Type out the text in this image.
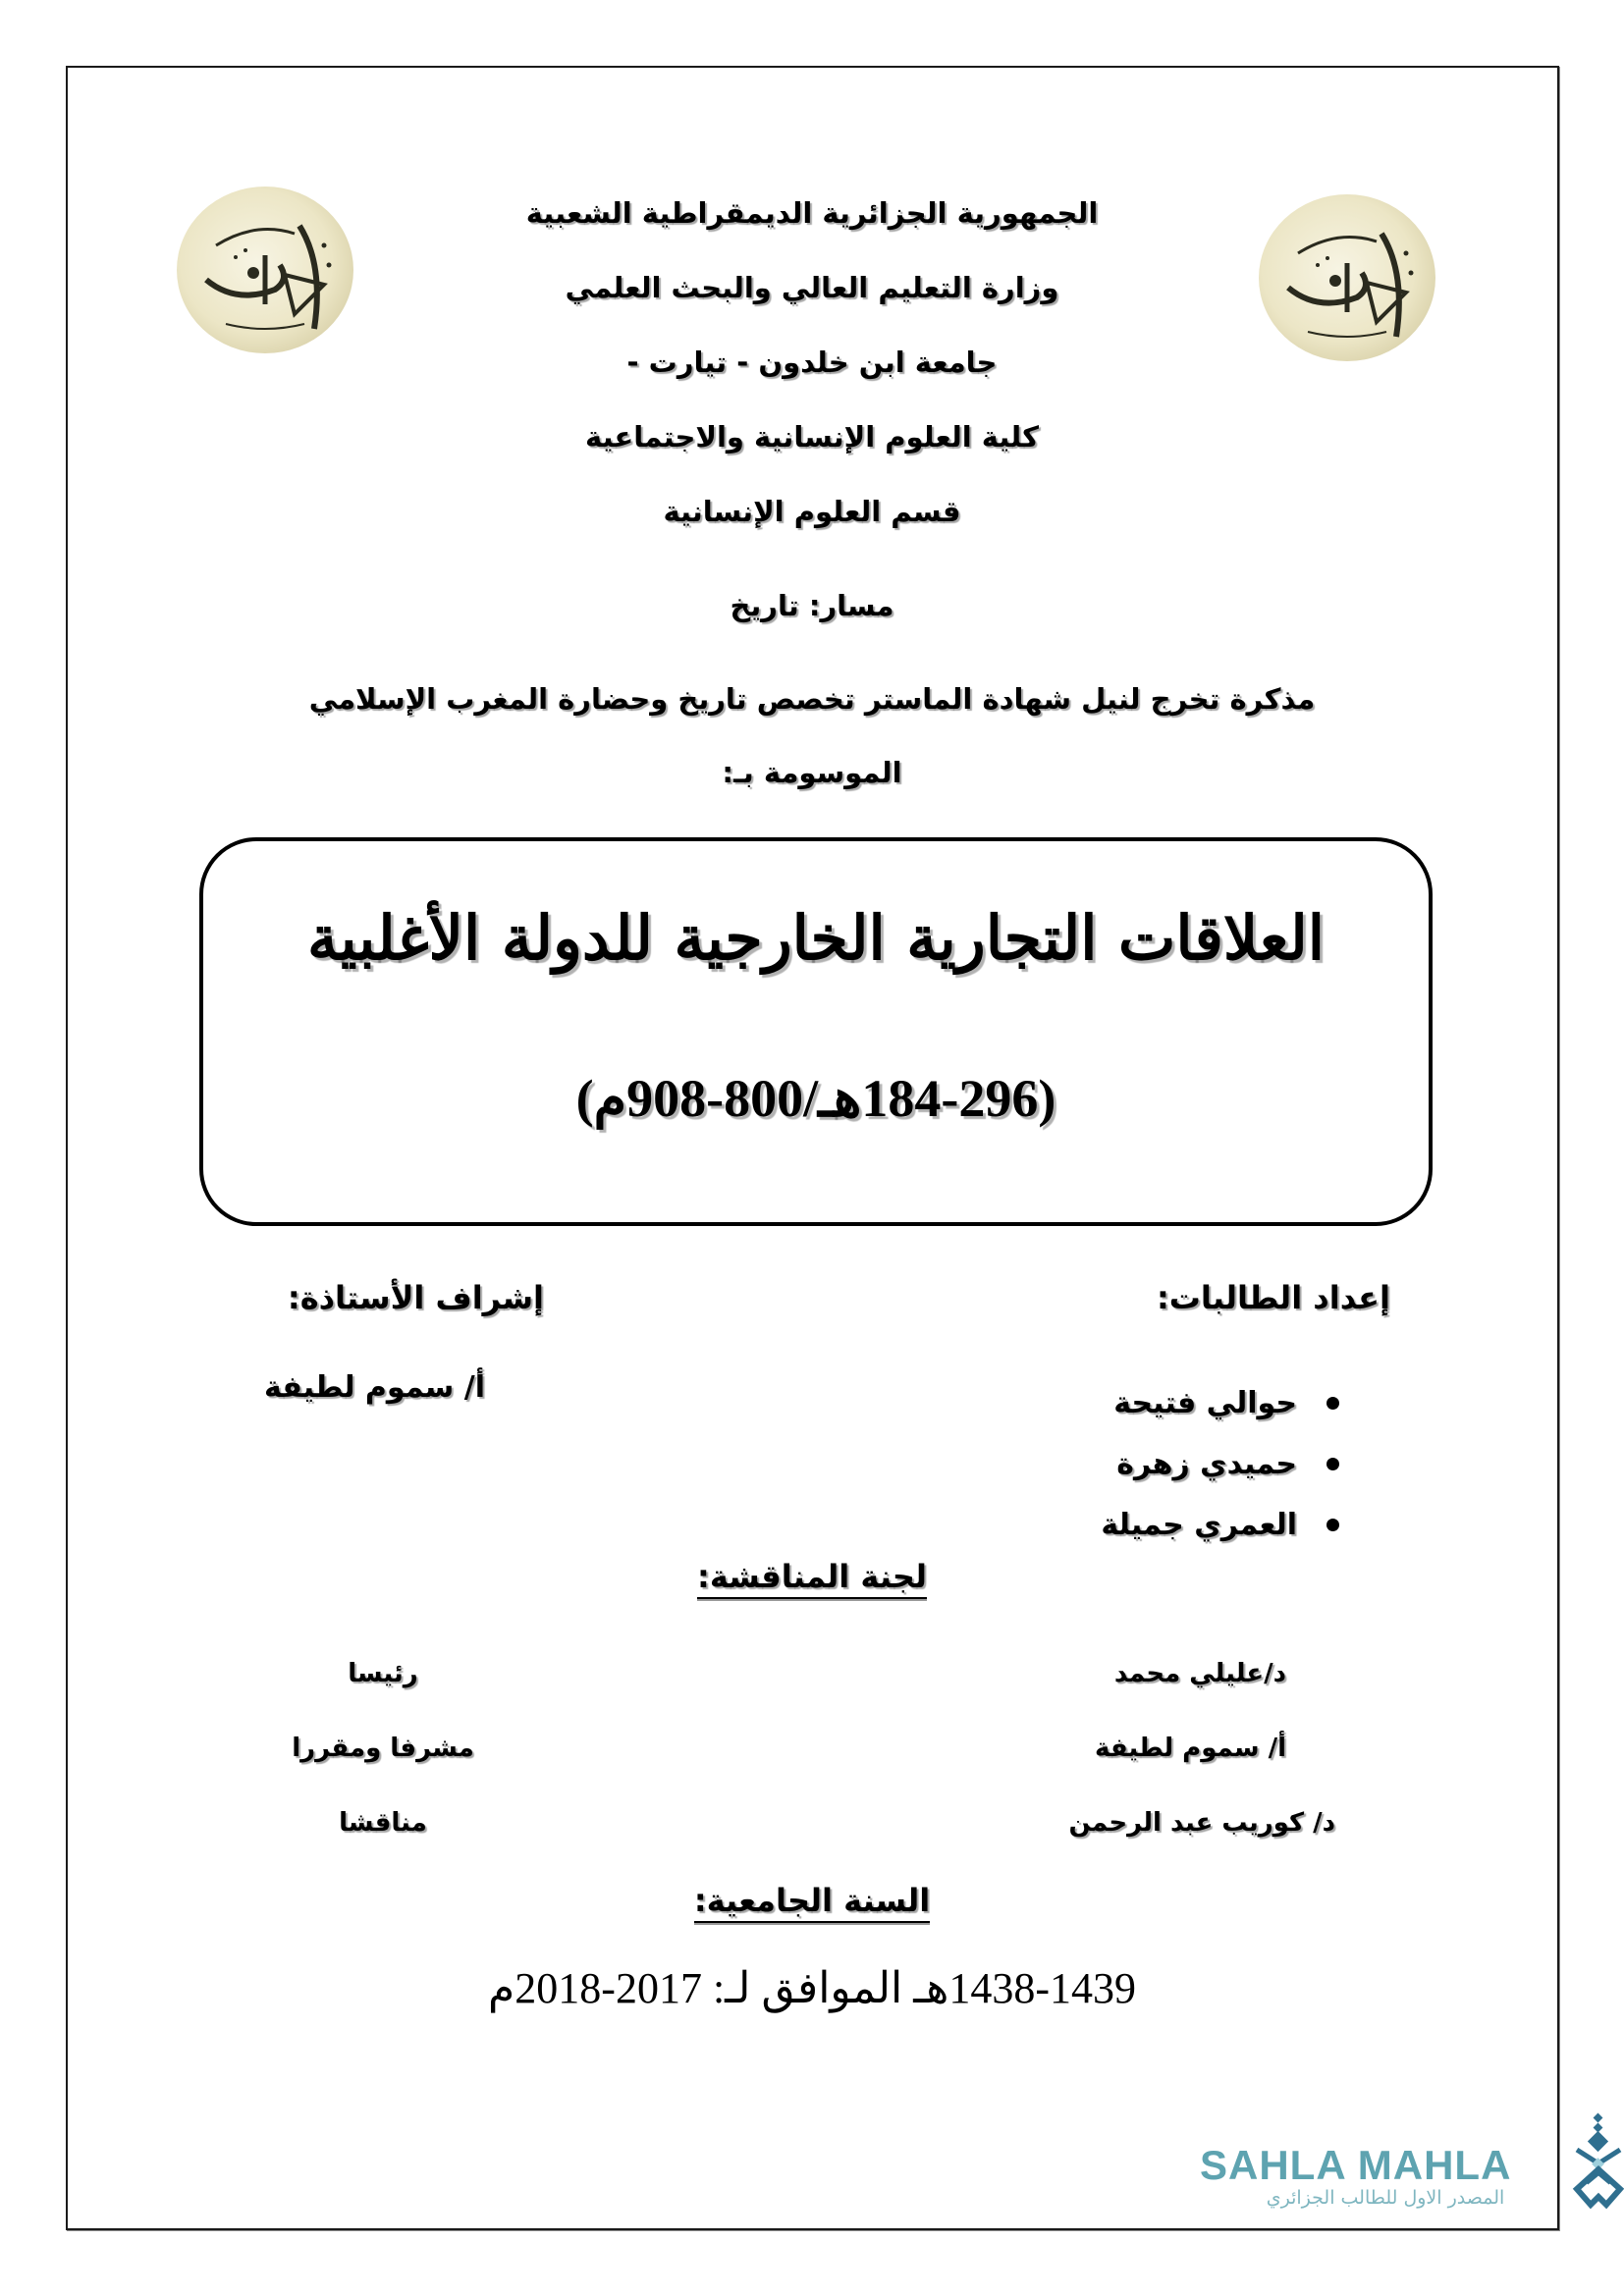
الجمهورية الجزائرية الديمقراطية الشعبية
وزارة التعليم العالي والبحث العلمي
جامعة ابن خلدون - تيارت -
كلية العلوم الإنسانية والاجتماعية
قسم العلوم الإنسانية
مسار: تاريخ
مذكرة تخرج لنيل شهادة الماستر تخصص تاريخ وحضارة المغرب الإسلامي
الموسومة بـ:
العلاقات التجارية الخارجية للدولة الأغلبية
(184-296هـ/800-908م)
إعداد الطالبات:
إشراف الأستاذة:
حوالي فتيحة
حميدي زهرة
العمري جميلة
أ/ سموم لطيفة
لجنة المناقشة:
د/عليلي محمد
رئيسا
أ/ سموم لطيفة
مشرفا ومقررا
د/ كوريب عبد الرحمن
مناقشا
السنة الجامعية:
1438-1439هـ الموافق لـ: 2017-2018م
SAHLA MAHLA
المصدر الاول للطالب الجزائري
